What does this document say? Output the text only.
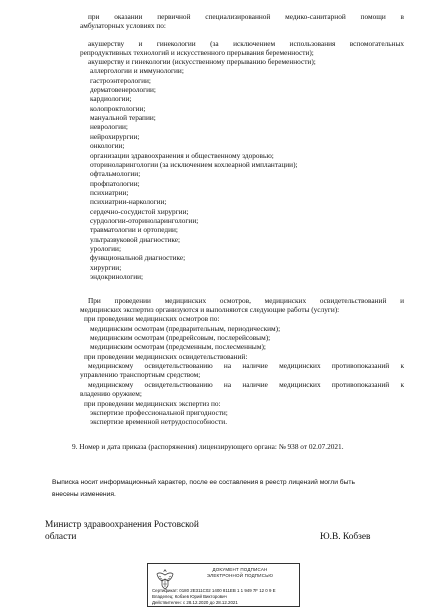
при оказании первичной специализированной медико-санитарной помощи в
амбулаторных условиях по:
акушерству и гинекологии (за исключением использования вспомогательных
репродуктивных технологий и искусственного прерывания беременности);
акушерству и гинекологии (искусственному прерыванию беременности);
аллергологии и иммунологии;
гастроэнтерологии;
дерматовенерологии;
кардиологии;
колопроктологии;
мануальной терапии;
неврологии;
нейрохирургии;
онкологии;
организации здравоохранения и общественному здоровью;
оториноларингологии (за исключением кохлеарной имплантации);
офтальмологии;
профпатологии;
психиатрии;
психиатрии-наркологии;
сердечно-сосудистой хирургии;
сурдологии-оториноларингологии;
травматологии и ортопедии;
ультразвуковой диагностике;
урологии;
функциональной диагностике;
хирургии;
эндокринологии;
При проведении медицинских осмотров, медицинских освидетельствований и
медицинских экспертиз организуются и выполняются следующие работы (услуги):
при проведении медицинских осмотров по:
медицинским осмотрам (предварительным, периодическим);
медицинским осмотрам (предрейсовым, послерейсовым);
медицинским осмотрам (предсменным, послесменным);
при проведении медицинских освидетельствований:
медицинскому освидетельствованию на наличие медицинских противопоказаний к
управлению транспортным средством;
медицинскому освидетельствованию на наличие медицинских противопоказаний к
владению оружием;
при проведении медицинских экспертиз по:
экспертизе профессиональной пригодности;
экспертизе временной нетрудоспособности.
9. Номер и дата приказа (распоряжения) лицензирующего органа: № 938 от 02.07.2021.
Выписка носит информационный характер, после ее составления в реестр лицензий могли быть
внесены изменения.
Министр здравоохранения Ростовской
области	Ю.В. Кобзев
ДОКУМЕНТ ПОДПИСАН
ЭЛЕКТРОННОЙ ПОДПИСЬЮ
Сертификат: 0180 2E311C02 1400 811EB 1 1 949 7F 12 0 9 E
Владелец: Кобзев Юрий Викторович
Действителен: с 28.12.2020 до 28.12.2021
